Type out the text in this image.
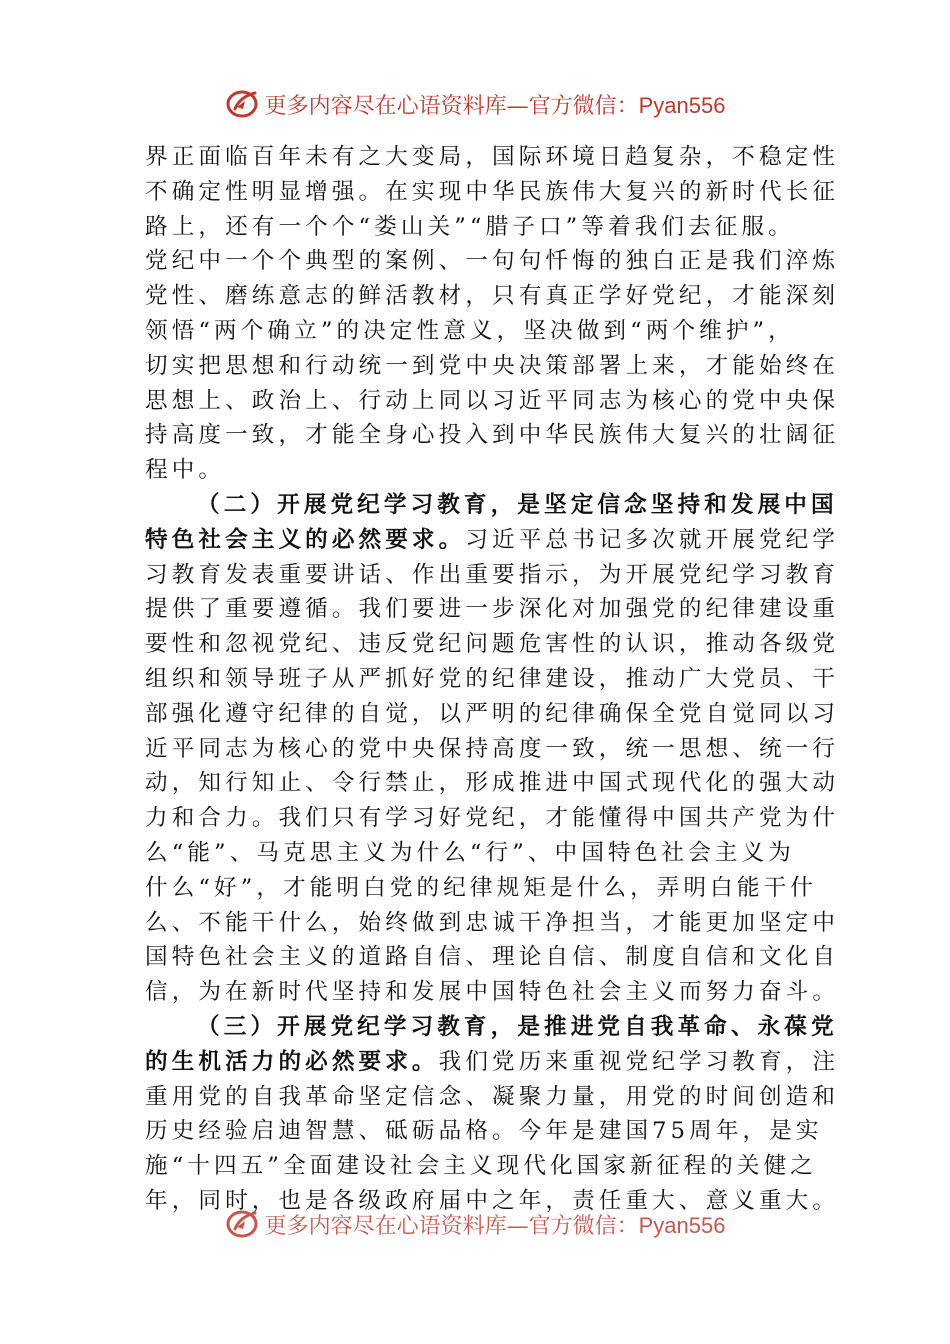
更多内容尽在心语资料库—官方微信：Pyan556

界正面临百年未有之大变局，国际环境日趋复杂，不稳定性
不确定性明显增强。在实现中华民族伟大复兴的新时代长征
路上，还有一个个“娄山关”“腊子口”等着我们去征服。
党纪中一个个典型的案例、一句句忏悔的独白正是我们淬炼
党性、磨练意志的鲜活教材，只有真正学好党纪，才能深刻
领悟“两个确立”的决定性意义，坚决做到“两个维护”，
切实把思想和行动统一到党中央决策部署上来，才能始终在
思想上、政治上、行动上同以习近平同志为核心的党中央保
持高度一致，才能全身心投入到中华民族伟大复兴的壮阔征
程中。

（二）开展党纪学习教育，是坚定信念坚持和发展中国
特色社会主义的必然要求。习近平总书记多次就开展党纪学
习教育发表重要讲话、作出重要指示，为开展党纪学习教育
提供了重要遵循。我们要进一步深化对加强党的纪律建设重
要性和忽视党纪、违反党纪问题危害性的认识，推动各级党
组织和领导班子从严抓好党的纪律建设，推动广大党员、干
部强化遵守纪律的自觉，以严明的纪律确保全党自觉同以习
近平同志为核心的党中央保持高度一致，统一思想、统一行
动，知行知止、令行禁止，形成推进中国式现代化的强大动
力和合力。我们只有学习好党纪，才能懂得中国共产党为什
么“能”、马克思主义为什么“行”、中国特色社会主义为
什么“好”，才能明白党的纪律规矩是什么，弄明白能干什
么、不能干什么，始终做到忠诚干净担当，才能更加坚定中
国特色社会主义的道路自信、理论自信、制度自信和文化自
信，为在新时代坚持和发展中国特色社会主义而努力奋斗。

（三）开展党纪学习教育，是推进党自我革命、永葆党
的生机活力的必然要求。我们党历来重视党纪学习教育，注
重用党的自我革命坚定信念、凝聚力量，用党的时间创造和
历史经验启迪智慧、砥砺品格。今年是建国75周年，是实
施“十四五”全面建设社会主义现代化国家新征程的关健之
年，同时，也是各级政府届中之年，责任重大、意义重大。

更多内容尽在心语资料库—官方微信：Pyan556
